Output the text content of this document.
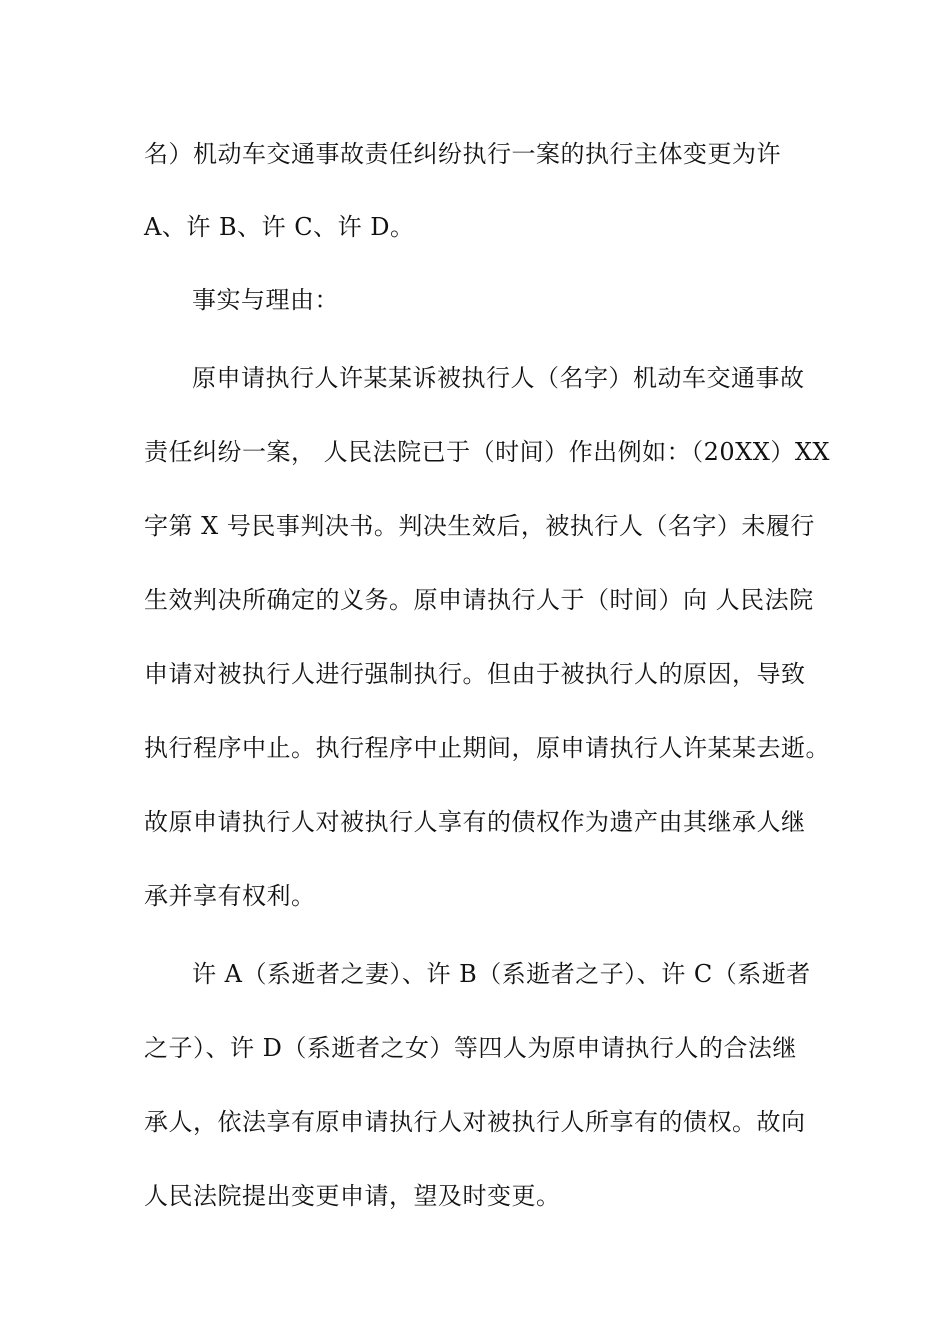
名）机动车交通事故责任纠纷执行一案的执行主体变更为许
A、许 B、许 C、许 D。
事实与理由：
原申请执行人许某某诉被执行人（名字）机动车交通事故
责任纠纷一案， 人民法院已于（时间）作出例如：（20XX）XX
字第 X 号民事判决书。判决生效后，被执行人（名字）未履行
生效判决所确定的义务。原申请执行人于（时间）向 人民法院
申请对被执行人进行强制执行。但由于被执行人的原因，导致
执行程序中止。执行程序中止期间，原申请执行人许某某去逝。
故原申请执行人对被执行人享有的债权作为遗产由其继承人继
承并享有权利。
许 A（系逝者之妻）、许 B（系逝者之子）、许 C（系逝者
之子）、许 D（系逝者之女）等四人为原申请执行人的合法继
承人，依法享有原申请执行人对被执行人所享有的债权。故向
人民法院提出变更申请，望及时变更。
